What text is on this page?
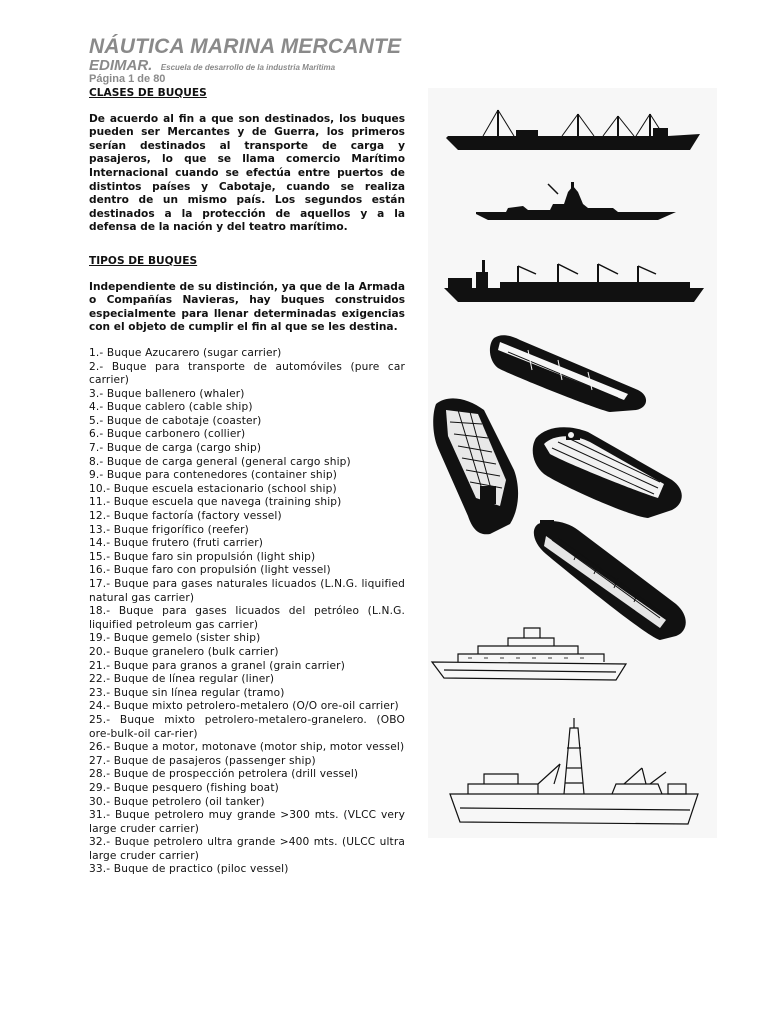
NÁUTICA MARINA MERCANTE
EDIMAR. Escuela de desarrollo de la industria Marítima
Página 1 de 80

CLASES DE BUQUES

De acuerdo al fin a que son destinados, los buques pueden ser Mercantes y de Guerra, los primeros serían destinados al transporte de carga y pasajeros, lo que se llama comercio Marítimo Internacional cuando se efectúa entre puertos de distintos países y Cabotaje, cuando se realiza dentro de un mismo país. Los segundos están destinados a la protección de aquellos y a la defensa de la nación y del teatro marítimo.

TIPOS DE BUQUES

Independiente de su distinción, ya que de la Armada o Compañías Navieras, hay buques construidos especialmente para llenar determinadas exigencias con el objeto de cumplir el fin al que se les destina.

1.- Buque Azucarero (sugar carrier)
2.- Buque para transporte de automóviles (pure car carrier)
3.- Buque ballenero (whaler)
4.- Buque cablero (cable ship)
5.- Buque de cabotaje (coaster)
6.- Buque carbonero (collier)
7.- Buque de carga (cargo ship)
8.- Buque de carga general (general cargo ship)
9.- Buque para contenedores (container ship)
10.- Buque escuela estacionario (school ship)
11.- Buque escuela que navega (training ship)
12.- Buque factoría (factory vessel)
13.- Buque frigorífico (reefer)
14.- Buque frutero (fruti carrier)
15.- Buque faro sin propulsión (light ship)
16.- Buque faro con propulsión (light vessel)
17.- Buque para gases naturales licuados (L.N.G. liquified natural gas carrier)
18.- Buque para gases licuados del petróleo (L.N.G. liquified petroleum gas carrier)
19.- Buque gemelo (sister ship)
20.- Buque granelero (bulk carrier)
21.- Buque para granos a granel (grain carrier)
22.- Buque de línea regular (liner)
23.- Buque sin línea regular (tramo)
24.- Buque mixto petrolero-metalero (O/O ore-oil carrier)
25.- Buque mixto petrolero-metalero-granelero. (OBO ore-bulk-oil car-rier)
26.- Buque a motor, motonave (motor ship, motor vessel)
27.- Buque de pasajeros (passenger ship)
28.- Buque de prospección petrolera (drill vessel)
29.- Buque pesquero (fishing boat)
30.- Buque petrolero (oil tanker)
31.- Buque petrolero muy grande >300 mts. (VLCC very large cruder carrier)
32.- Buque petrolero ultra grande >400 mts. (ULCC ultra large cruder carrier)
33.- Buque de practico (piloc vessel)
